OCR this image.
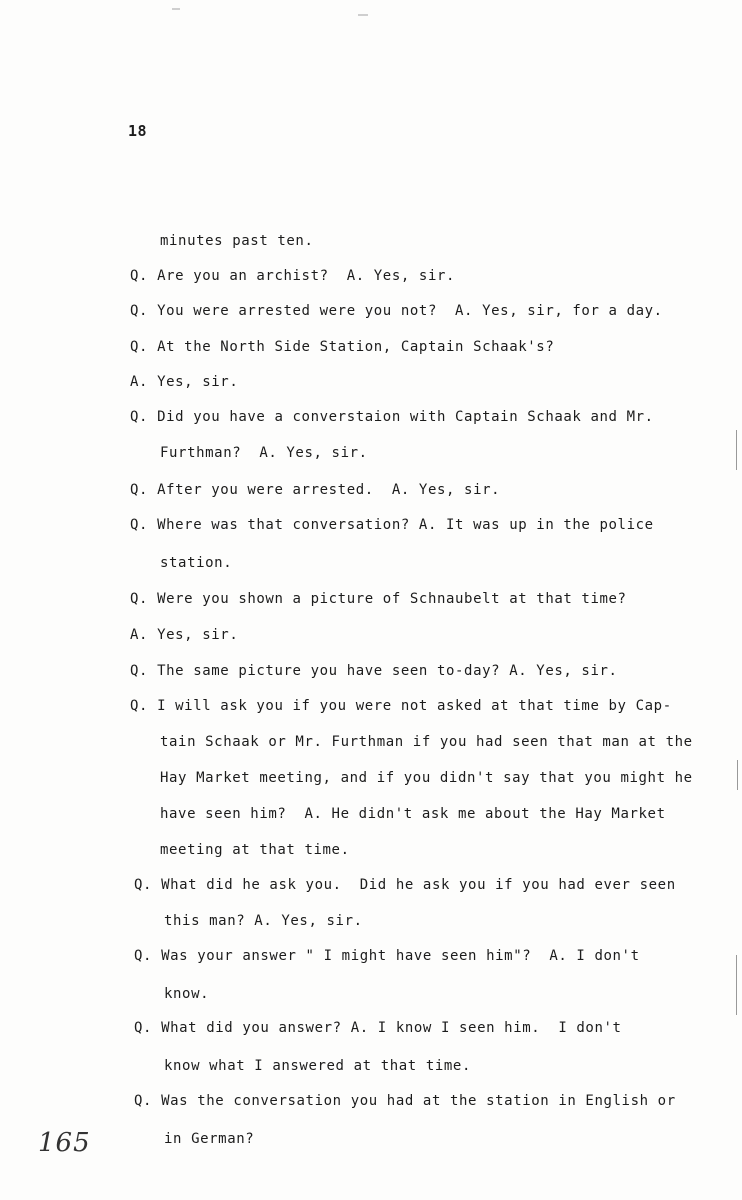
18
minutes past ten.
Q. Are you an archist?  A. Yes, sir.
Q. You were arrested were you not?  A. Yes, sir, for a day.
Q. At the North Side Station, Captain Schaak's?
A. Yes, sir.
Q. Did you have a converstaion with Captain Schaak and Mr.
Furthman?  A. Yes, sir.
Q. After you were arrested.  A. Yes, sir.
Q. Where was that conversation? A. It was up in the police
station.
Q. Were you shown a picture of Schnaubelt at that time?
A. Yes, sir.
Q. The same picture you have seen to-day? A. Yes, sir.
Q. I will ask you if you were not asked at that time by Cap-
tain Schaak or Mr. Furthman if you had seen that man at the
Hay Market meeting, and if you didn't say that you might he
have seen him?  A. He didn't ask me about the Hay Market
meeting at that time.
Q. What did he ask you.  Did he ask you if you had ever seen
this man? A. Yes, sir.
Q. Was your answer " I might have seen him"?  A. I don't
know.
Q. What did you answer? A. I know I seen him.  I don't
know what I answered at that time.
Q. Was the conversation you had at the station in English or
in German?
165
